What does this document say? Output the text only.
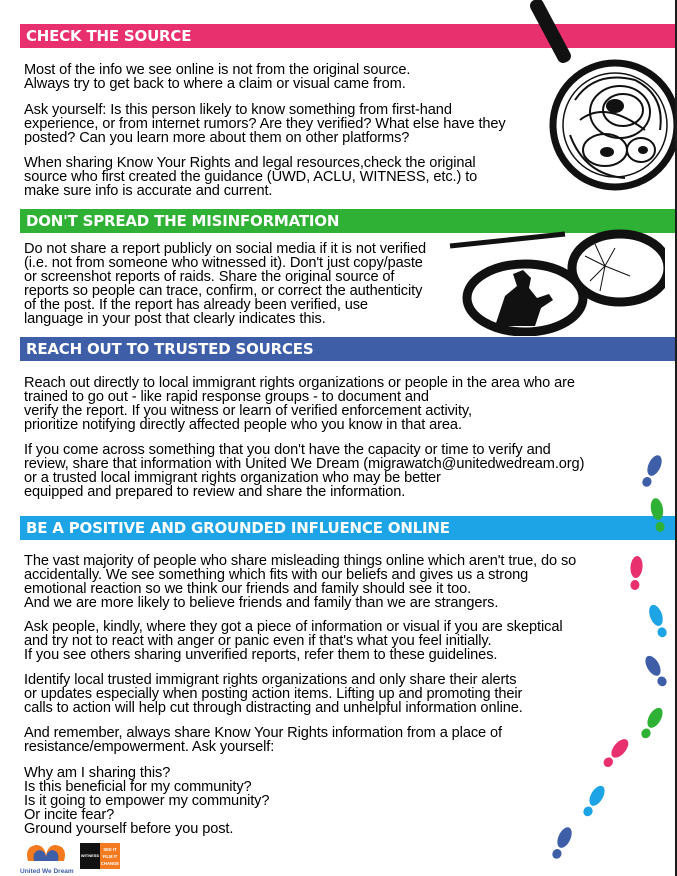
CHECK THE SOURCE

Most of the info we see online is not from the original source.
Always try to get back to where a claim or visual came from.

Ask yourself: Is this person likely to know something from first-hand
experience, or from internet rumors? Are they verified? What else have they
posted? Can you learn more about them on other platforms?

When sharing Know Your Rights and legal resources,check the original
source who first created the guidance (UWD, ACLU, WITNESS, etc.) to
make sure info is accurate and current.

DON'T SPREAD THE MISINFORMATION

Do not share a report publicly on social media if it is not verified
(i.e. not from someone who witnessed it). Don't just copy/paste
or screenshot reports of raids. Share the original source of
reports so people can trace, confirm, or correct the authenticity
of the post. If the report has already been verified, use
language in your post that clearly indicates this.

REACH OUT TO TRUSTED SOURCES

Reach out directly to local immigrant rights organizations or people in the area who are
trained to go out - like rapid response groups - to document and
verify the report. If you witness or learn of verified enforcement activity,
prioritize notifying directly affected people who you know in that area.

If you come across something that you don't have the capacity or time to verify and
review, share that information with United We Dream (migrawatch@unitedwedream.org)
or a trusted local immigrant rights organization who may be better
equipped and prepared to review and share the information.

BE A POSITIVE AND GROUNDED INFLUENCE ONLINE

The vast majority of people who share misleading things online which aren't true, do so
accidentally. We see something which fits with our beliefs and gives us a strong
emotional reaction so we think our friends and family should see it too.
And we are more likely to believe friends and family than we are strangers.

Ask people, kindly, where they got a piece of information or visual if you are skeptical
and try not to react with anger or panic even if that's what you feel initially.
If you see others sharing unverified reports, refer them to these guidelines.

Identify local trusted immigrant rights organizations and only share their alerts
or updates especially when posting action items. Lifting up and promoting their
calls to action will help cut through distracting and unhelpful information online.

And remember, always share Know Your Rights information from a place of
resistance/empowerment. Ask yourself:

Why am I sharing this?
Is this beneficial for my community?
Is it going to empower my community?
Or incite fear?
Ground yourself before you post.

United We Dream
WITNESS
SEE IT
FILM IT
CHANGE IT
